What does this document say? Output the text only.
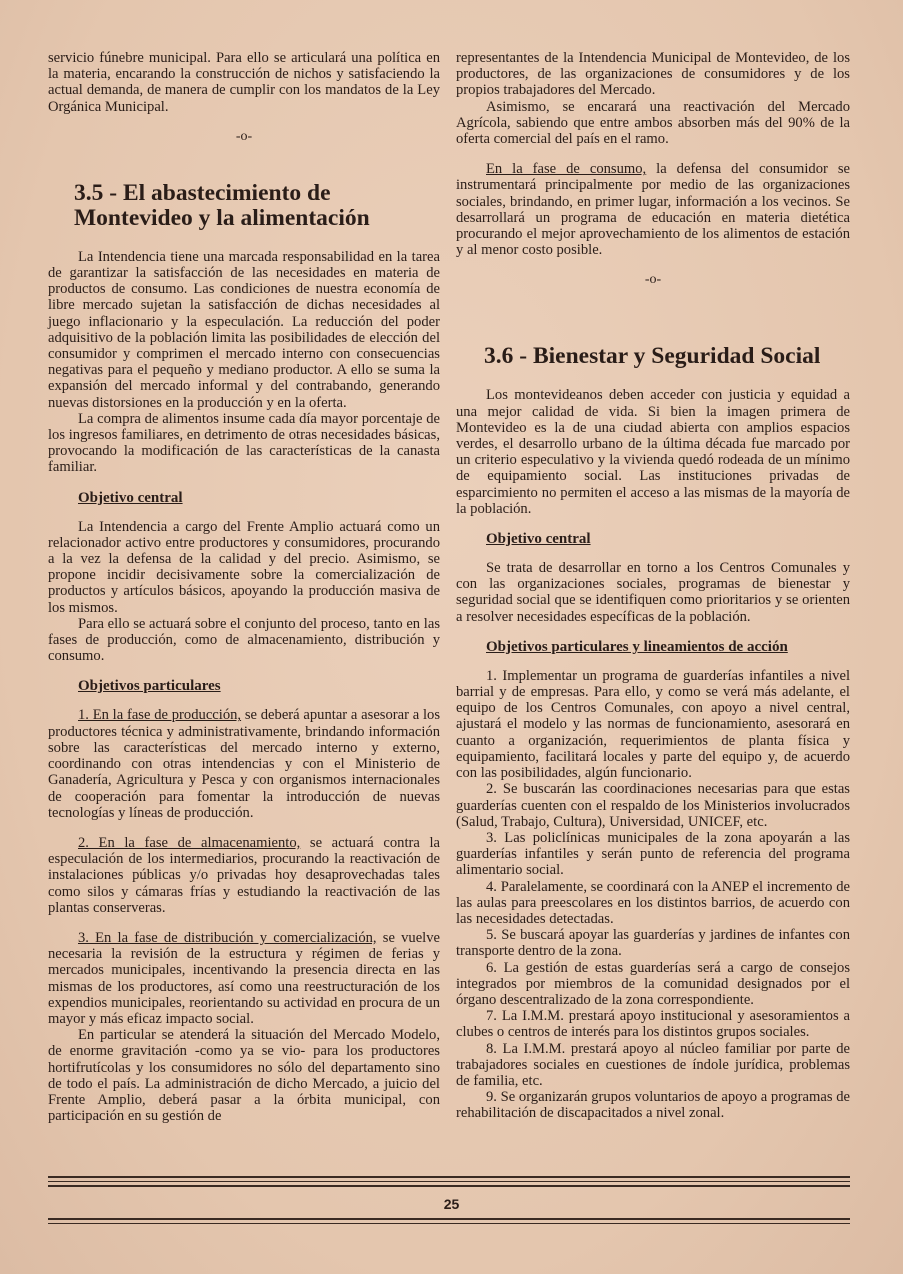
servicio fúnebre municipal. Para ello se articulará una política en la materia, encarando la construcción de nichos y satisfaciendo la actual demanda, de manera de cumplir con los mandatos de la Ley Orgánica Municipal.

-o-
3.5 - El abastecimiento de Montevideo y la alimentación

La Intendencia tiene una marcada responsabilidad en la tarea de garantizar la satisfacción de las necesidades en materia de productos de consumo. Las condiciones de nuestra economía de libre mercado sujetan la satisfacción de dichas necesidades al juego inflacionario y la especulación. La reducción del poder adquisitivo de la población limita las posibilidades de elección del consumidor y comprimen el mercado interno con consecuencias negativas para el pequeño y mediano productor. A ello se suma la expansión del mercado informal y del contrabando, generando nuevas distorsiones en la producción y en la oferta.

La compra de alimentos insume cada día mayor porcentaje de los ingresos familiares, en detrimento de otras necesidades básicas, provocando la modificación de las características de la canasta familiar.

Objetivo central

La Intendencia a cargo del Frente Amplio actuará como un relacionador activo entre productores y consumidores, procurando a la vez la defensa de la calidad y del precio. Asimismo, se propone incidir decisivamente sobre la comercialización de productos y artículos básicos, apoyando la producción masiva de los mismos.

Para ello se actuará sobre el conjunto del proceso, tanto en las fases de producción, como de almacenamiento, distribución y consumo.

Objetivos particulares

1. En la fase de producción, se deberá apuntar a asesorar a los productores técnica y administrativamente, brindando información sobre las características del mercado interno y externo, coordinando con otras intendencias y con el Ministerio de Ganadería, Agricultura y Pesca y con organismos internacionales de cooperación para fomentar la introducción de nuevas tecnologías y líneas de producción.

2. En la fase de almacenamiento, se actuará contra la especulación de los intermediarios, procurando la reactivación de instalaciones públicas y/o privadas hoy desaprovechadas tales como silos y cámaras frías y estudiando la reactivación de las plantas conserveras.

3. En la fase de distribución y comercialización, se vuelve necesaria la revisión de la estructura y régimen de ferias y mercados municipales, incentivando la presencia directa en las mismas de los productores, así como una reestructuración de los expendios municipales, reorientando su actividad en procura de un mayor y más eficaz impacto social.

En particular se atenderá la situación del Mercado Modelo, de enorme gravitación -como ya se vio- para los productores hortifrutícolas y los consumidores no sólo del departamento sino de todo el país. La administración de dicho Mercado, a juicio del Frente Amplio, deberá pasar a la órbita municipal, con participación en su gestión de

representantes de la Intendencia Municipal de Montevideo, de los productores, de las organizaciones de consumidores y de los propios trabajadores del Mercado.

Asimismo, se encarará una reactivación del Mercado Agrícola, sabiendo que entre ambos absorben más del 90% de la oferta comercial del país en el ramo.

En la fase de consumo, la defensa del consumidor se instrumentará principalmente por medio de las organizaciones sociales, brindando, en primer lugar, información a los vecinos. Se desarrollará un programa de educación en materia dietética procurando el mejor aprovechamiento de los alimentos de estación y al menor costo posible.

-o-
3.6 - Bienestar y Seguridad Social

Los montevideanos deben acceder con justicia y equidad a una mejor calidad de vida. Si bien la imagen primera de Montevideo es la de una ciudad abierta con amplios espacios verdes, el desarrollo urbano de la última década fue marcado por un criterio especulativo y la vivienda quedó rodeada de un mínimo de equipamiento social. Las instituciones privadas de esparcimiento no permiten el acceso a las mismas de la mayoría de la población.

Objetivo central

Se trata de desarrollar en torno a los Centros Comunales y con las organizaciones sociales, programas de bienestar y seguridad social que se identifiquen como prioritarios y se orienten a resolver necesidades específicas de la población.

Objetivos particulares y lineamientos de acción

1. Implementar un programa de guarderías infantiles a nivel barrial y de empresas. Para ello, y como se verá más adelante, el equipo de los Centros Comunales, con apoyo a nivel central, ajustará el modelo y las normas de funcionamiento, asesorará en cuanto a organización, requerimientos de planta física y equipamiento, facilitará locales y parte del equipo y, de acuerdo con las posibilidades, algún funcionario.

2. Se buscarán las coordinaciones necesarias para que estas guarderías cuenten con el respaldo de los Ministerios involucrados (Salud, Trabajo, Cultura), Universidad, UNICEF, etc.

3. Las policlínicas municipales de la zona apoyarán a las guarderías infantiles y serán punto de referencia del programa alimentario social.

4. Paralelamente, se coordinará con la ANEP el incremento de las aulas para preescolares en los distintos barrios, de acuerdo con las necesidades detectadas.

5. Se buscará apoyar las guarderías y jardines de infantes con transporte dentro de la zona.

6. La gestión de estas guarderías será a cargo de consejos integrados por miembros de la comunidad designados por el órgano descentralizado de la zona correspondiente.

7. La I.M.M. prestará apoyo institucional y asesoramientos a clubes o centros de interés para los distintos grupos sociales.

8. La I.M.M. prestará apoyo al núcleo familiar por parte de trabajadores sociales en cuestiones de índole jurídica, problemas de familia, etc.

9. Se organizarán grupos voluntarios de apoyo a programas de rehabilitación de discapacitados a nivel zonal.

25
